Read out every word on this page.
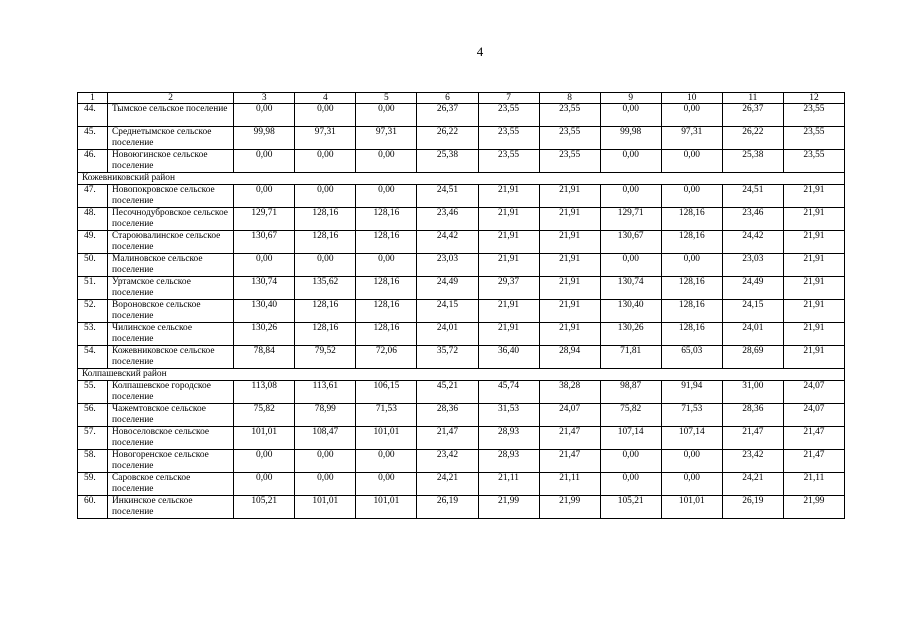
4
1	2	3	4	5	6	7	8	9	10	11	12
44.	Тымское сельское поселение	0,00	0,00	0,00	26,37	23,55	23,55	0,00	0,00	26,37	23,55
45.	Среднетымское сельское поселение	99,98	97,31	97,31	26,22	23,55	23,55	99,98	97,31	26,22	23,55
46.	Новоюгинское сельское поселение	0,00	0,00	0,00	25,38	23,55	23,55	0,00	0,00	25,38	23,55
Кожевниковский район											
47.	Новопокровское сельское поселение	0,00	0,00	0,00	24,51	21,91	21,91	0,00	0,00	24,51	21,91
48.	Песочнодубровское сельское поселение	129,71	128,16	128,16	23,46	21,91	21,91	129,71	128,16	23,46	21,91
49.	Староювалинское сельское поселение	130,67	128,16	128,16	24,42	21,91	21,91	130,67	128,16	24,42	21,91
50.	Малиновское сельское поселение	0,00	0,00	0,00	23,03	21,91	21,91	0,00	0,00	23,03	21,91
51.	Уртамское сельское поселение	130,74	135,62	128,16	24,49	29,37	21,91	130,74	128,16	24,49	21,91
52.	Вороновское сельское поселение	130,40	128,16	128,16	24,15	21,91	21,91	130,40	128,16	24,15	21,91
53.	Чилинское сельское поселение	130,26	128,16	128,16	24,01	21,91	21,91	130,26	128,16	24,01	21,91
54.	Кожевниковское сельское поселение	78,84	79,52	72,06	35,72	36,40	28,94	71,81	65,03	28,69	21,91
Колпашевский район											
55.	Колпашевское городское поселение	113,08	113,61	106,15	45,21	45,74	38,28	98,87	91,94	31,00	24,07
56.	Чажемтовское сельское поселение	75,82	78,99	71,53	28,36	31,53	24,07	75,82	71,53	28,36	24,07
57.	Новоселовское сельское поселение	101,01	108,47	101,01	21,47	28,93	21,47	107,14	107,14	21,47	21,47
58.	Новогоренское сельское поселение	0,00	0,00	0,00	23,42	28,93	21,47	0,00	0,00	23,42	21,47
59.	Саровское сельское поселение	0,00	0,00	0,00	24,21	21,11	21,11	0,00	0,00	24,21	21,11
60.	Инкинское сельское поселение	105,21	101,01	101,01	26,19	21,99	21,99	105,21	101,01	26,19	21,99
